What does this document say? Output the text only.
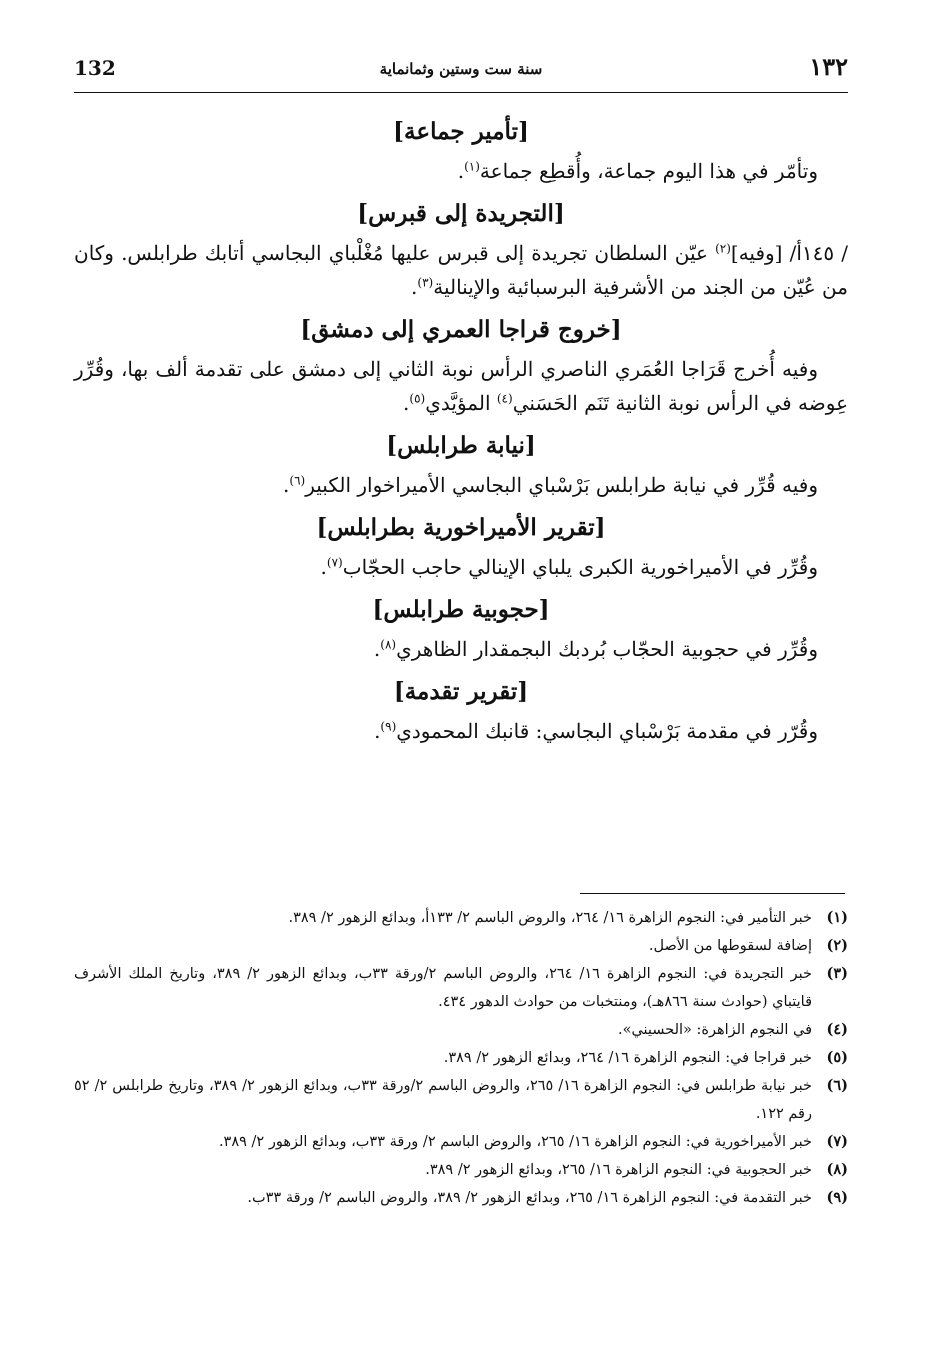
132	سنة ست وستين وثمانماية	١٣٢
[تأمير جماعة]

وتأمّر في هذا اليوم جماعة، وأُقطِع جماعة$^{(١)}$.

[التجريدة إلى قبرس]

/ ١٤٥أ/ [وفيه]$^{(٢)}$ عيّن السلطان تجريدة إلى قبرس عليها مُغْلْباي البجاسي أتابك طرابلس. وكان من عُيّن من الجند من الأشرفية البرسبائية والإينالية$^{(٣)}$.

[خروج قراجا العمري إلى دمشق]

وفيه أُخرج قَرَاجا العُمَري الناصري الرأس نوبة الثاني إلى دمشق على تقدمة ألف بها، وقُرِّر عِوضه في الرأس نوبة الثانية تَنَم الحَسَني$^{(٤)}$ المؤيَّدي$^{(٥)}$.

[نيابة طرابلس]

وفيه قُرِّر في نيابة طرابلس بَرْسْباي البجاسي الأميراخوار الكبير$^{(٦)}$.

[تقرير الأميراخورية بطرابلس]

وقُرِّر في الأميراخورية الكبرى يلباي الإينالي حاجب الحجّاب$^{(٧)}$.

[حجوبية طرابلس]

وقُرِّر في حجوبية الحجّاب بُردبك البجمقدار الظاهري$^{(٨)}$.

[تقرير تقدمة]

وقُرّر في مقدمة بَرْسْباي البجاسي: قانبك المحمودي$^{(٩)}$.

(١)
خبر التأمير في: النجوم الزاهرة ١٦/ ٢٦٤، والروض الباسم ٢/ ١٣٣أ، وبدائع الزهور ٢/ ٣٨٩.
(٢)
إضافة لسقوطها من الأصل.
(٣)
خبر التجريدة في: النجوم الزاهرة ١٦/ ٢٦٤، والروض الباسم ٢/ورقة ٣٣ب، وبدائع الزهور ٢/ ٣٨٩، وتاريخ الملك الأشرف قايتباي (حوادث سنة ٨٦٦هـ)، ومنتخبات من حوادث الدهور ٤٣٤.
(٤)
في النجوم الزاهرة: «الحسيني».
(٥)
خبر قراجا في: النجوم الزاهرة ١٦/ ٢٦٤، وبدائع الزهور ٢/ ٣٨٩.
(٦)
خبر نيابة طرابلس في: النجوم الزاهرة ١٦/ ٢٦٥، والروض الباسم ٢/ورقة ٣٣ب، وبدائع الزهور ٢/ ٣٨٩، وتاريخ طرابلس ٢/ ٥٢ رقم ١٢٢.
(٧)
خبر الأميراخورية في: النجوم الزاهرة ١٦/ ٢٦٥، والروض الباسم ٢/ ورقة ٣٣ب، وبدائع الزهور ٢/ ٣٨٩.
(٨)
خبر الحجوبية في: النجوم الزاهرة ١٦/ ٢٦٥، وبدائع الزهور ٢/ ٣٨٩.
(٩)
خبر التقدمة في: النجوم الزاهرة ١٦/ ٢٦٥، وبدائع الزهور ٢/ ٣٨٩، والروض الباسم ٢/ ورقة ٣٣ب.
